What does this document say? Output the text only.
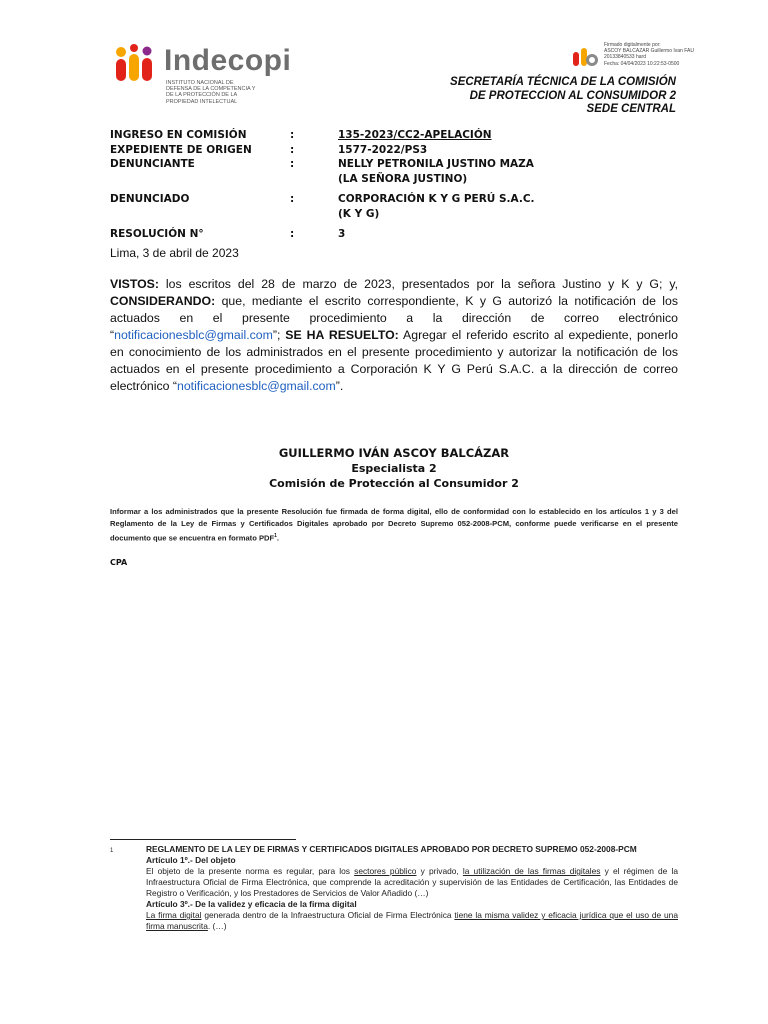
Indecopi
INSTITUTO NACIONAL DE DEFENSA DE LA COMPETENCIA Y DE LA PROTECCIÓN DE LA PROPIEDAD INTELECTUAL
Firmado digitalmente por:
ASCOY BALCAZAR Guillermo Ivan FAU
20133840533 hard
Fecha: 04/04/2023 10:22:53-0500
SECRETARÍA TÉCNICA DE LA COMISIÓN
DE PROTECCION AL CONSUMIDOR 2
SEDE CENTRAL
INGRESO EN COMISIÓN	:	135-2023/CC2-APELACIÓN
EXPEDIENTE DE ORIGEN	:	1577-2022/PS3
DENUNCIANTE	:	NELLY PETRONILA JUSTINO MAZA
(LA SEÑORA JUSTINO)
DENUNCIADO	:	CORPORACIÓN K Y G PERÚ S.A.C.
(K Y G)
RESOLUCIÓN N°	:	3
Lima, 3 de abril de 2023
VISTOS: los escritos del 28 de marzo de 2023, presentados por la señora Justino y K y G; y, CONSIDERANDO: que, mediante el escrito correspondiente, K y G autorizó la notificación de los actuados en el presente procedimiento a la dirección de correo electrónico “notificacionesblc@gmail.com”; SE HA RESUELTO: Agregar el referido escrito al expediente, ponerlo en conocimiento de los administrados en el presente procedimiento y autorizar la notificación de los actuados en el presente procedimiento a Corporación K Y G Perú S.A.C. a la dirección de correo electrónico “notificacionesblc@gmail.com”.
GUILLERMO IVÁN ASCOY BALCÁZAR
Especialista 2
Comisión de Protección al Consumidor 2
Informar a los administrados que la presente Resolución fue firmada de forma digital, ello de conformidad con lo establecido en los artículos 1 y 3 del Reglamento de la Ley de Firmas y Certificados Digitales aprobado por Decreto Supremo 052-2008-PCM, conforme puede verificarse en el presente documento que se encuentra en formato PDF$^1$.
CPA
1	REGLAMENTO DE LA LEY DE FIRMAS Y CERTIFICADOS DIGITALES APROBADO POR DECRETO SUPREMO 052-2008-PCM
Artículo 1º.- Del objeto
El objeto de la presente norma es regular, para los sectores público y privado, la utilización de las firmas digitales y el régimen de la Infraestructura Oficial de Firma Electrónica, que comprende la acreditación y supervisión de las Entidades de Certificación, las Entidades de Registro o Verificación, y los Prestadores de Servicios de Valor Añadido (…)
Artículo 3º.- De la validez y eficacia de la firma digital
La firma digital generada dentro de la Infraestructura Oficial de Firma Electrónica tiene la misma validez y eficacia jurídica que el uso de una firma manuscrita. (…)
